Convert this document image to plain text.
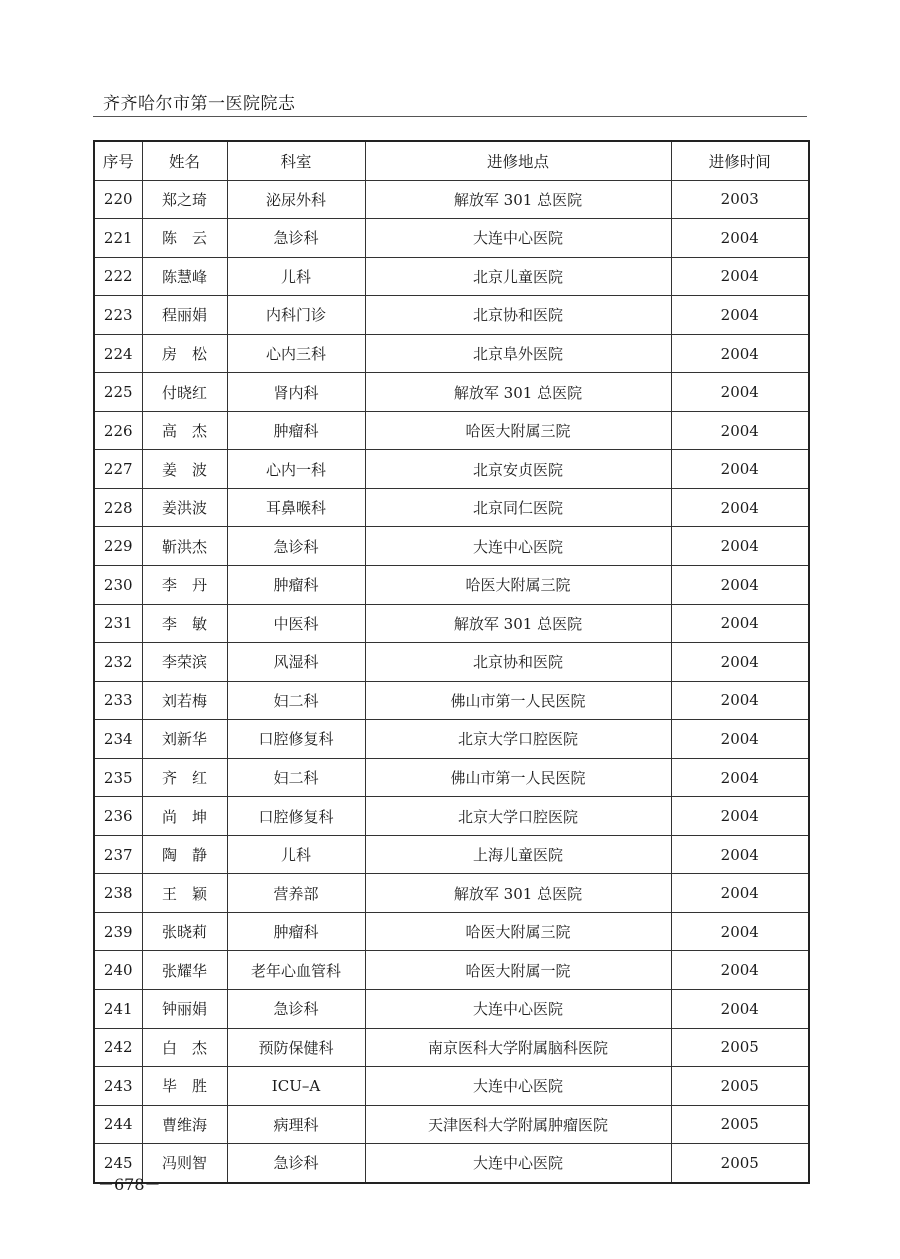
齐齐哈尔市第一医院院志
序号	姓名	科室	进修地点	进修时间
220	郑之琦	泌尿外科	解放军 301 总医院	2003
221	陈　云	急诊科	大连中心医院	2004
222	陈慧峰	儿科	北京儿童医院	2004
223	程丽娟	内科门诊	北京协和医院	2004
224	房　松	心内三科	北京阜外医院	2004
225	付晓红	肾内科	解放军 301 总医院	2004
226	高　杰	肿瘤科	哈医大附属三院	2004
227	姜　波	心内一科	北京安贞医院	2004
228	姜洪波	耳鼻喉科	北京同仁医院	2004
229	靳洪杰	急诊科	大连中心医院	2004
230	李　丹	肿瘤科	哈医大附属三院	2004
231	李　敏	中医科	解放军 301 总医院	2004
232	李荣滨	风湿科	北京协和医院	2004
233	刘若梅	妇二科	佛山市第一人民医院	2004
234	刘新华	口腔修复科	北京大学口腔医院	2004
235	齐　红	妇二科	佛山市第一人民医院	2004
236	尚　坤	口腔修复科	北京大学口腔医院	2004
237	陶　静	儿科	上海儿童医院	2004
238	王　颖	营养部	解放军 301 总医院	2004
239	张晓莉	肿瘤科	哈医大附属三院	2004
240	张耀华	老年心血管科	哈医大附属一院	2004
241	钟丽娟	急诊科	大连中心医院	2004
242	白　杰	预防保健科	南京医科大学附属脑科医院	2005
243	毕　胜	ICU–A	大连中心医院	2005
244	曹维海	病理科	天津医科大学附属肿瘤医院	2005
245	冯则智	急诊科	大连中心医院	2005
－678－
